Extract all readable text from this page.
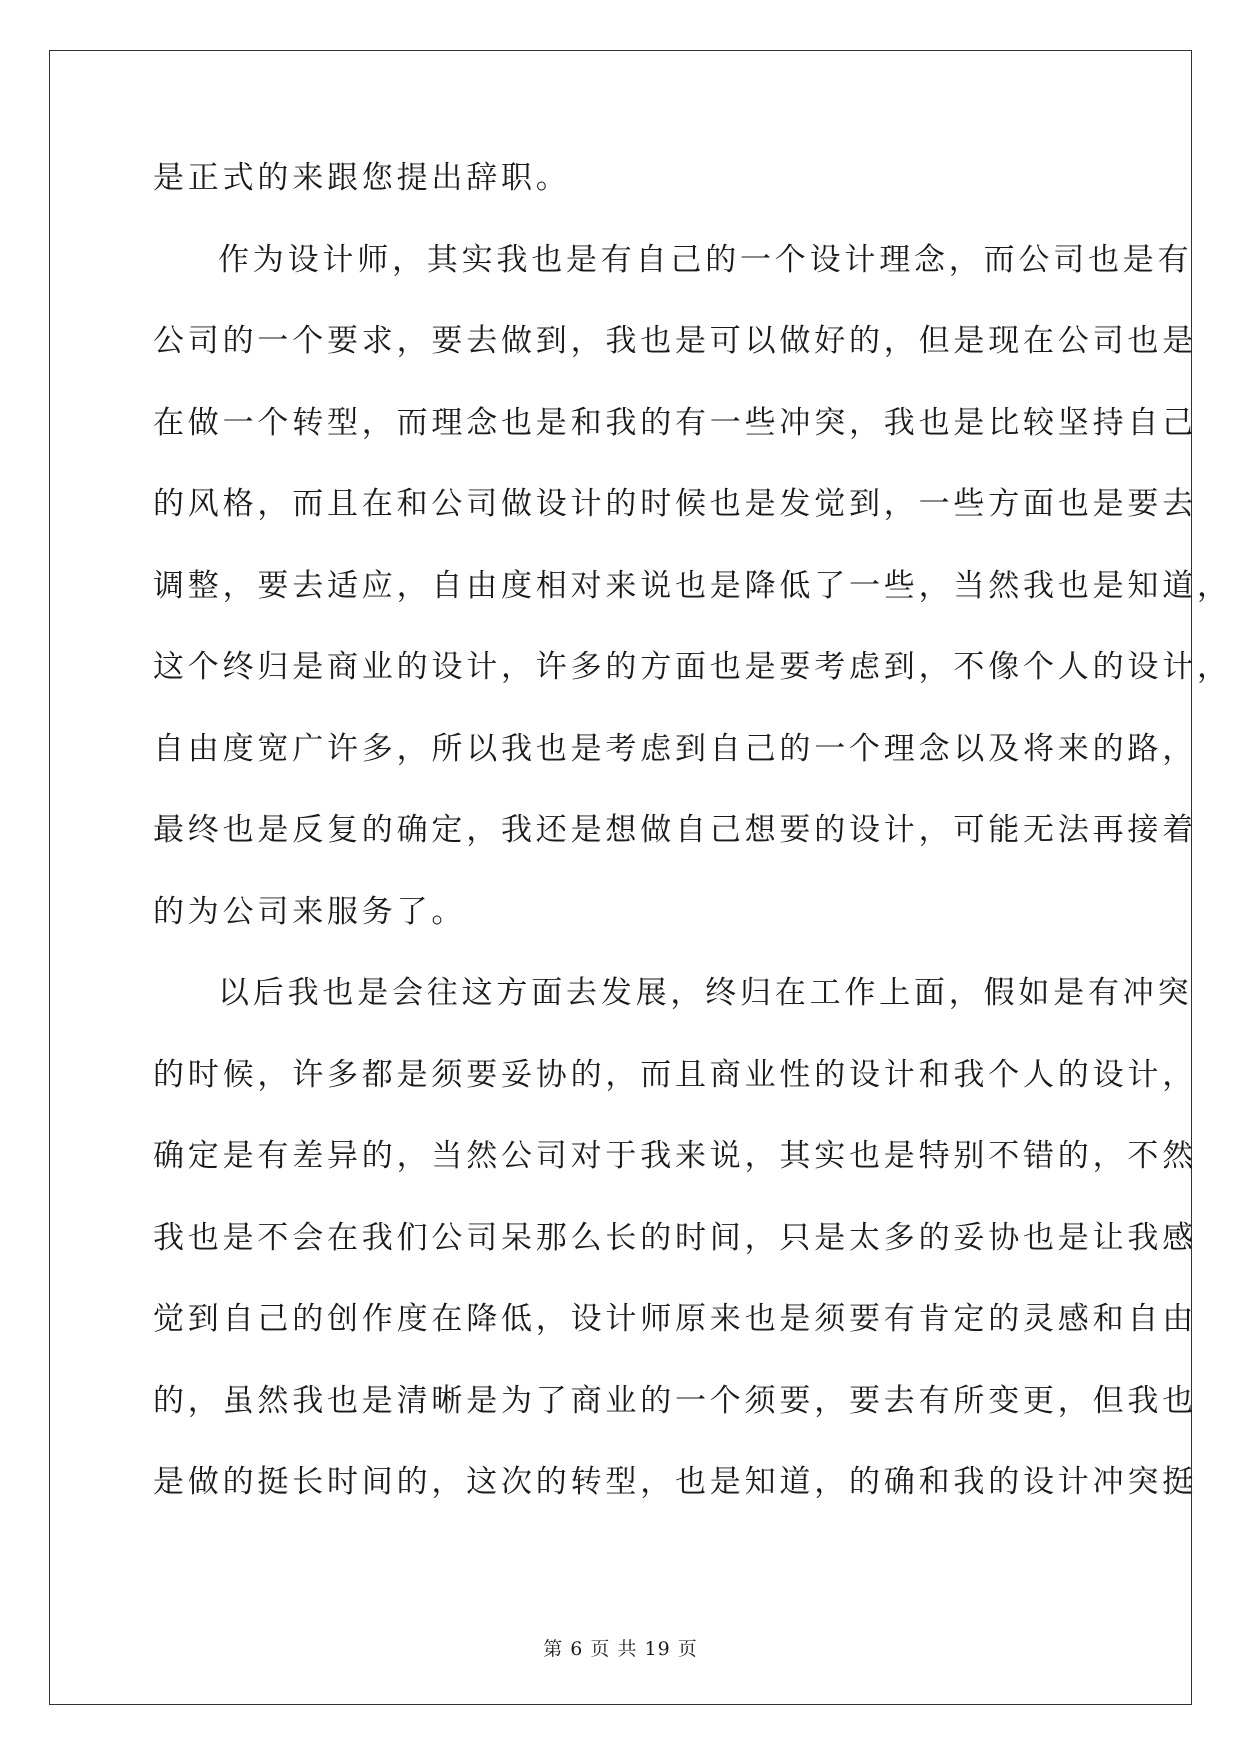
是正式的来跟您提出辞职。
作为设计师，其实我也是有自己的一个设计理念，而公司也是有
公司的一个要求，要去做到，我也是可以做好的，但是现在公司也是
在做一个转型，而理念也是和我的有一些冲突，我也是比较坚持自己
的风格，而且在和公司做设计的时候也是发觉到，一些方面也是要去
调整，要去适应，自由度相对来说也是降低了一些，当然我也是知道，
这个终归是商业的设计，许多的方面也是要考虑到，不像个人的设计，
自由度宽广许多，所以我也是考虑到自己的一个理念以及将来的路，
最终也是反复的确定，我还是想做自己想要的设计，可能无法再接着
的为公司来服务了。
以后我也是会往这方面去发展，终归在工作上面，假如是有冲突
的时候，许多都是须要妥协的，而且商业性的设计和我个人的设计，
确定是有差异的，当然公司对于我来说，其实也是特别不错的，不然
我也是不会在我们公司呆那么长的时间，只是太多的妥协也是让我感
觉到自己的创作度在降低，设计师原来也是须要有肯定的灵感和自由
的，虽然我也是清晰是为了商业的一个须要，要去有所变更，但我也
是做的挺长时间的，这次的转型，也是知道，的确和我的设计冲突挺
第 6 页 共 19 页
